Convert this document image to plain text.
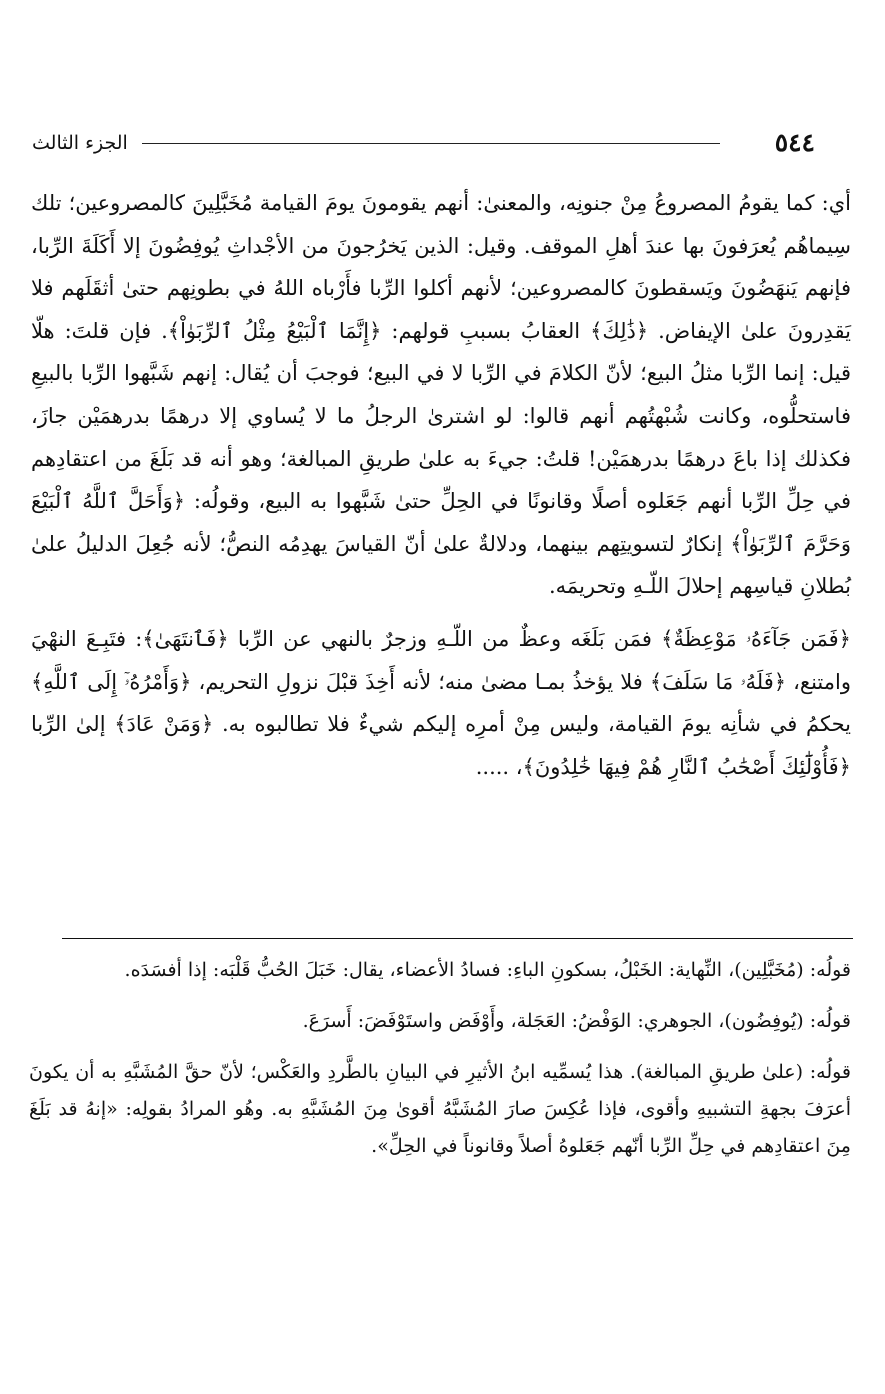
٥٤٤
الجزء الثالث

أي: كما يقومُ المصروعُ مِنْ جنونِه، والمعنىٰ: أنهم يقومونَ يومَ القيامة مُخَبَّلِينَ كالمصروعين؛ تلك سِيماهُم يُعرَفونَ بها عندَ أهلِ الموقف. وقيل: الذين يَخرُجونَ من الأجْداثِ يُوفِضُونَ إلا أَكَلَةَ الرِّبا، فإنهم يَنهَضُونَ ويَسقطونَ كالمصروعين؛ لأنهم أكلوا الرِّبا فأَرْباه اللهُ في بطونِهم حتىٰ أثقَلَهم فلا يَقدِرونَ علىٰ الإيفاض. ﴿ذَٰلِكَ﴾ العقابُ بسببِ قولهم: ﴿إِنَّمَا ٱلْبَيْعُ مِثْلُ ٱلرِّبَوٰاْ﴾. فإن قلتَ: هلّا قيل: إنما الرِّبا مثلُ البيع؛ لأنّ الكلامَ في الرِّبا لا في البيع؛ فوجبَ أن يُقال: إنهم شَبَّهوا الرِّبا بالبيعِ فاستحلُّوه، وكانت شُبْهتُهم أنهم قالوا: لو اشترىٰ الرجلُ ما لا يُساوي إلا درهمًا بدرهمَيْن جازَ، فكذلك إذا باعَ درهمًا بدرهمَيْن! قلتُ: جيءَ به علىٰ طريقِ المبالغة؛ وهو أنه قد بَلَغَ من اعتقادِهم في حِلِّ الرِّبا أنهم جَعَلوه أصلًا وقانونًا في الحِلِّ حتىٰ شَبَّهوا به البيع، وقولُه: ﴿وَأَحَلَّ ٱللَّهُ ٱلْبَيْعَ وَحَرَّمَ ٱلرِّبَوٰاْ﴾ إنكارٌ لتسويتِهم بينهما، ودلالةٌ علىٰ أنّ القياسَ يهدِمُه النصُّ؛ لأنه جُعِلَ الدليلُ علىٰ بُطلانِ قياسِهم إحلالَ اللّـهِ وتحريمَه.

﴿فَمَن جَآءَهُۥ مَوْعِظَةٌ﴾ فمَن بَلَغَه وعظٌ من اللّـهِ وزجرٌ بالنهي عن الرِّبا ﴿فَٱنتَهَىٰ﴾: فتَبِـعَ النهْيَ وامتنع، ﴿فَلَهُۥ مَا سَلَفَ﴾ فلا يؤخذُ بمـا مضىٰ منه؛ لأنه أَخِذَ قبْلَ نزولِ التحريم، ﴿وَأَمْرُهُۥٓ إِلَى ٱللَّهِ﴾ يحكمُ في شأنِه يومَ القيامة، وليس مِنْ أمرِه إليكم شيءٌ فلا تطالبوه به. ﴿وَمَنْ عَادَ﴾ إلىٰ الرِّبا ﴿فَأُوْلَٰٓئِكَ أَصْحَٰبُ ٱلنَّارِ هُمْ فِيهَا خَٰلِدُونَ﴾، .....

قولُه: (مُخَبَّلِين)، النِّهاية: الخَبْلُ، بسكونِ الباءِ: فسادُ الأعضاء، يقال: خَبَلَ الحُبُّ قَلْبَه: إذا أفسَدَه.

قولُه: (يُوفِضُون)، الجوهري: الوَفْضُ: العَجَلة، وأَوْفَض واستَوْفَضَ: أَسرَعَ.

قولُه: (علىٰ طريقِ المبالغة). هذا يُسمِّيه ابنُ الأثيرِ في البيانِ بالطَّردِ والعَكْس؛ لأنّ حقَّ المُشَبَّهِ به أن يكونَ أعرَفَ بجهةِ التشبيهِ وأقوى، فإذا عُكِسَ صارَ المُشَبَّهُ أقوىٰ مِنَ المُشَبَّهِ به. وهُو المرادُ بقولِه: «إنهُ قد بَلَغَ مِنَ اعتقادِهم في حِلِّ الرِّبا أنّهم جَعَلوهُ أصلاً وقانوناً في الحِلِّ».
